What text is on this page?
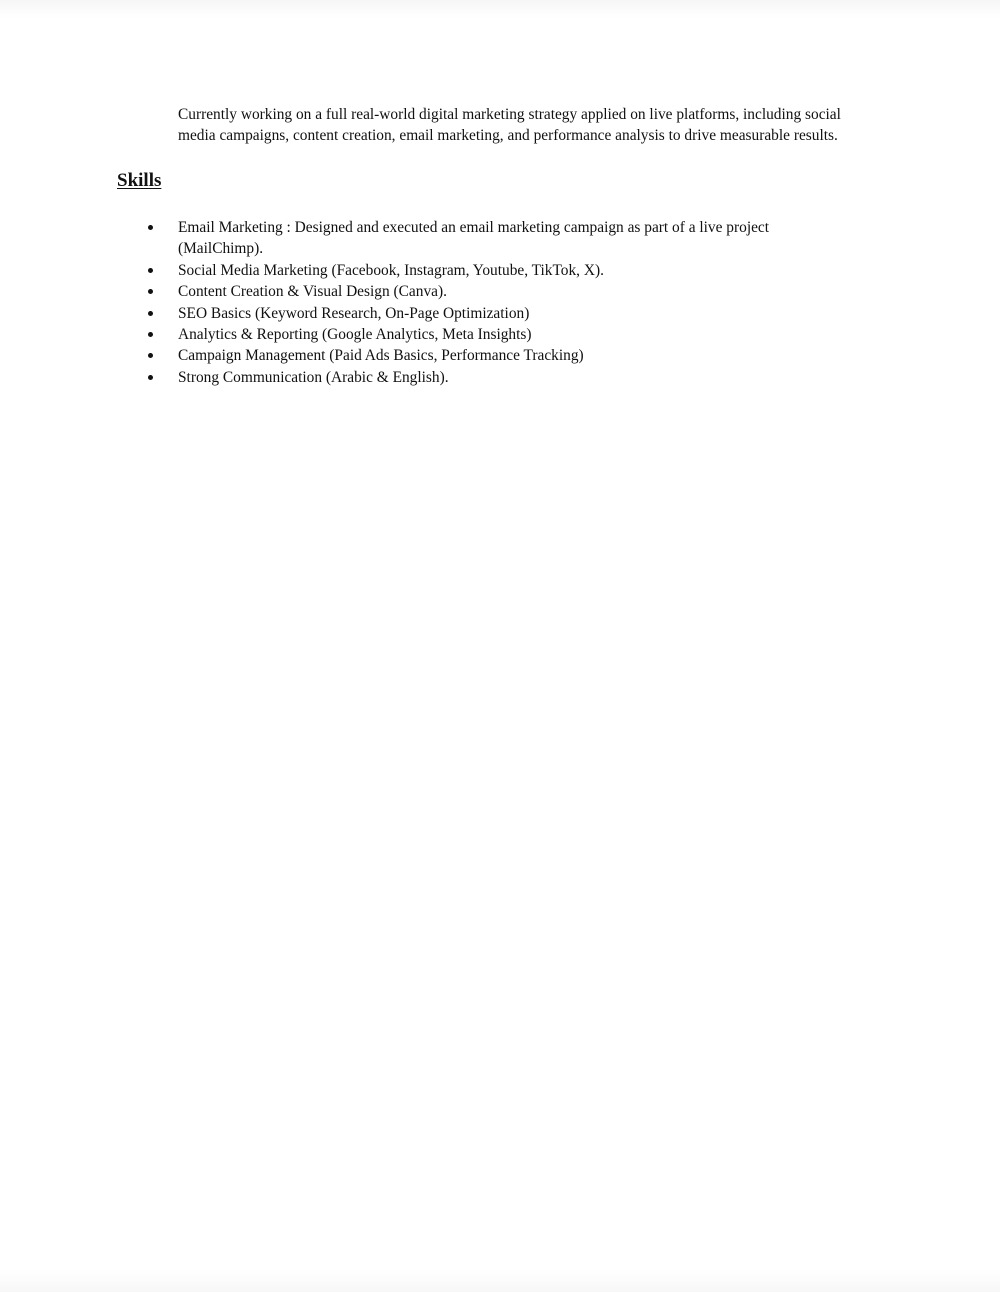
Currently working on a full real-world digital marketing strategy applied on live platforms, including social
media campaigns, content creation, email marketing, and performance analysis to drive measurable results.

Skills
Email Marketing : Designed and executed an email marketing campaign as part of a live project
(MailChimp).
Social Media Marketing (Facebook, Instagram, Youtube, TikTok, X).
Content Creation & Visual Design (Canva).
SEO Basics (Keyword Research, On-Page Optimization)
Analytics & Reporting (Google Analytics, Meta Insights)
Campaign Management (Paid Ads Basics, Performance Tracking)
Strong Communication (Arabic & English).
